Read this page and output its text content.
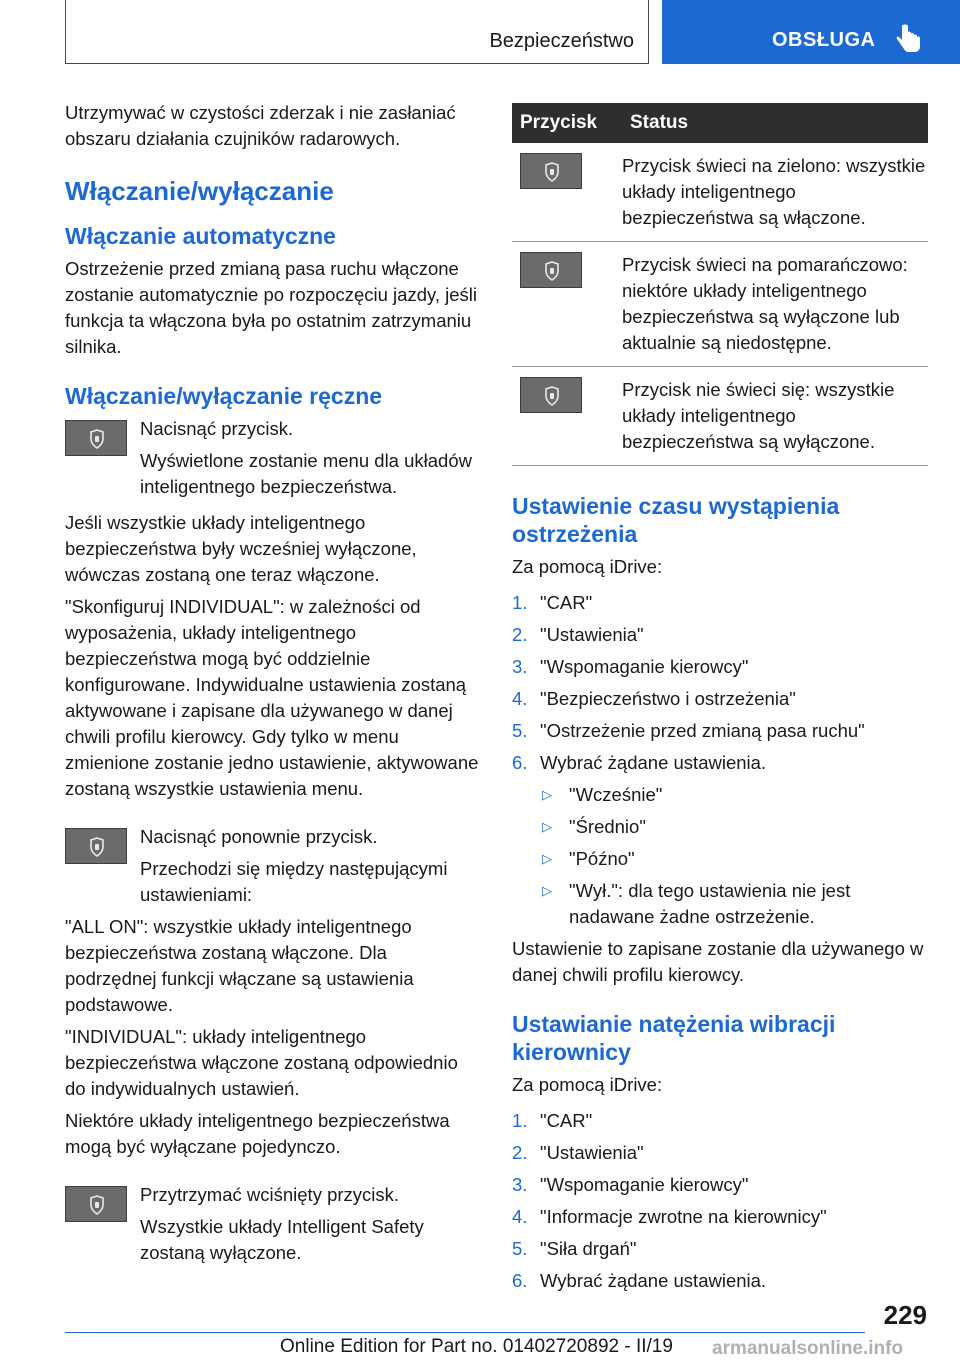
Bezpieczeństwo	OBSŁUGA

Utrzymywać w czystości zderzak i nie zasłaniać obszaru działania czujników radarowych.

Włączanie/wyłączanie
Włączanie automatyczne

Ostrzeżenie przed zmianą pasa ruchu włączone zostanie automatycznie po rozpoczęciu jazdy, jeśli funkcja ta włączona była po ostatnim zatrzymaniu silnika.

Włączanie/wyłączanie ręczne

Nacisnąć przycisk.

Wyświetlone zostanie menu dla układów inteligentnego bezpieczeństwa.

Jeśli wszystkie układy inteligentnego bezpieczeństwa były wcześniej wyłączone, wówczas zostaną one teraz włączone.

"Skonfiguruj INDIVIDUAL": w zależności od wyposażenia, układy inteligentnego bezpieczeństwa mogą być oddzielnie konfigurowane. Indywidualne ustawienia zostaną aktywowane i zapisane dla używanego w danej chwili profilu kierowcy. Gdy tylko w menu zmienione zostanie jedno ustawienie, aktywowane zostaną wszystkie ustawienia menu.

Nacisnąć ponownie przycisk.

Przechodzi się między następującymi ustawieniami:

"ALL ON": wszystkie układy inteligentnego bezpieczeństwa zostaną włączone. Dla podrzędnej funkcji włączane są ustawienia podstawowe.

"INDIVIDUAL": układy inteligentnego bezpieczeństwa włączone zostaną odpowiednio do indywidualnych ustawień.

Niektóre układy inteligentnego bezpieczeństwa mogą być wyłączane pojedynczo.

Przytrzymać wciśnięty przycisk.

Wszystkie układy Intelligent Safety zostaną wyłączone.

Przycisk	Status

	Przycisk świeci na zielono: wszystkie układy inteligentnego bezpieczeństwa są włączone.

	Przycisk świeci na pomarańczowo: niektóre układy inteligentnego bezpieczeństwa są wyłączone lub aktualnie są niedostępne.

	Przycisk nie świeci się: wszystkie układy inteligentnego bezpieczeństwa są wyłączone.
Ustawienie czasu wystąpienia ostrzeżenia

Za pomocą iDrive:

1. "CAR"
2. "Ustawienia"
3. "Wspomaganie kierowcy"
4. "Bezpieczeństwo i ostrzeżenia"
5. "Ostrzeżenie przed zmianą pasa ruchu"
6. Wybrać żądane ustawienia.
▷ "Wcześnie"
▷ "Średnio"
▷ "Późno"
▷ "Wył.": dla tego ustawienia nie jest nadawane żadne ostrzeżenie.

Ustawienie to zapisane zostanie dla używanego w danej chwili profilu kierowcy.

Ustawianie natężenia wibracji kierownicy

Za pomocą iDrive:

1. "CAR"
2. "Ustawienia"
3. "Wspomaganie kierowcy"
4. "Informacje zwrotne na kierownicy"
5. "Siła drgań"
6. Wybrać żądane ustawienia.
229
Online Edition for Part no. 01402720892 - II/19 armanualsonline.info
